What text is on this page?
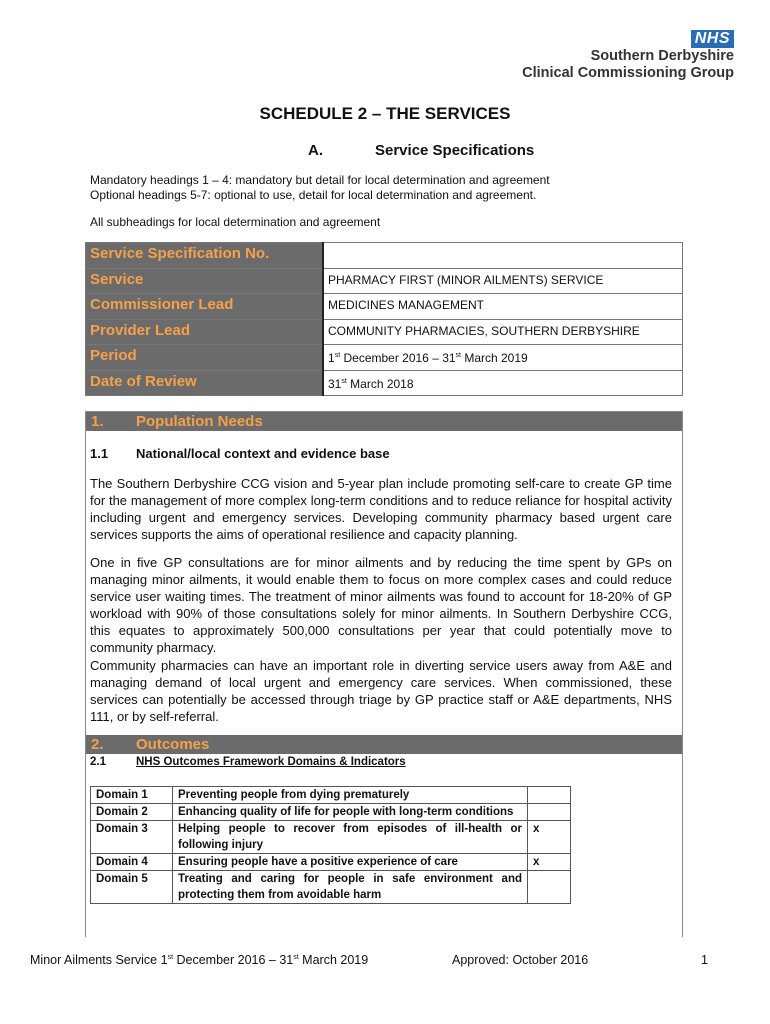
NHS
Southern Derbyshire
Clinical Commissioning Group
SCHEDULE 2 – THE SERVICES
A.	Service Specifications
Mandatory headings 1 – 4: mandatory but detail for local determination and agreement
Optional headings 5-7: optional to use, detail for local determination and agreement.
All subheadings for local determination and agreement
Service Specification No.	
Service	PHARMACY FIRST (MINOR AILMENTS) SERVICE
Commissioner Lead	MEDICINES MANAGEMENT
Provider Lead	COMMUNITY PHARMACIES, SOUTHERN DERBYSHIRE
Period	1st December 2016 – 31st March 2019
Date of Review	31st March 2018
1. Population Needs
1.1 National/local context and evidence base
The Southern Derbyshire CCG vision and 5-year plan include promoting self-care to create GP time for the management of more complex long-term conditions and to reduce reliance for hospital activity including urgent and emergency services. Developing community pharmacy based urgent care services supports the aims of operational resilience and capacity planning.
One in five GP consultations are for minor ailments and by reducing the time spent by GPs on managing minor ailments, it would enable them to focus on more complex cases and could reduce service user waiting times. The treatment of minor ailments was found to account for 18-20% of GP workload with 90% of those consultations solely for minor ailments. In Southern Derbyshire CCG, this equates to approximately 500,000 consultations per year that could potentially move to community pharmacy.
Community pharmacies can have an important role in diverting service users away from A&E and managing demand of local urgent and emergency care services. When commissioned, these services can potentially be accessed through triage by GP practice staff or A&E departments, NHS 111, or by self-referral.
2. Outcomes
2.1	NHS Outcomes Framework Domains & Indicators
Domain 1	Preventing people from dying prematurely	
Domain 2	Enhancing quality of life for people with long-term conditions	
Domain 3	Helping people to recover from episodes of ill-health or following injury	x
Domain 4	Ensuring people have a positive experience of care	x
Domain 5	Treating and caring for people in safe environment and protecting them from avoidable harm	
Minor Ailments Service 1st December 2016 – 31st March 2019	Approved: October 2016	1
